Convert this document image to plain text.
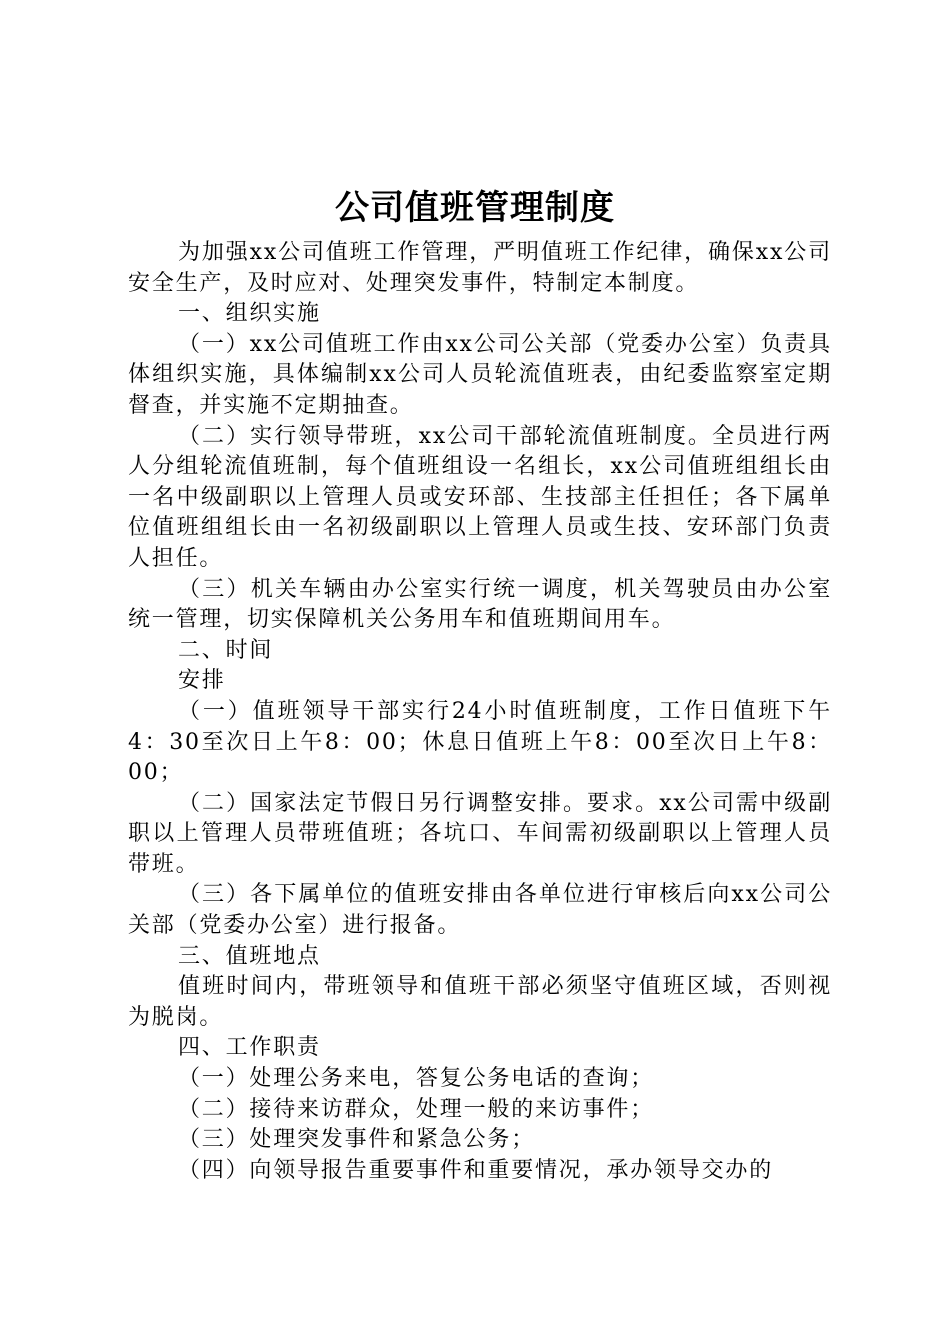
公司值班管理制度

为加强xx公司值班工作管理，严明值班工作纪律，确保xx公司安全生产，及时应对、处理突发事件，特制定本制度。

一、组织实施

（一）xx公司值班工作由xx公司公关部（党委办公室）负责具体组织实施，具体编制xx公司人员轮流值班表，由纪委监察室定期督查，并实施不定期抽查。

（二）实行领导带班，xx公司干部轮流值班制度。全员进行两人分组轮流值班制，每个值班组设一名组长，xx公司值班组组长由一名中级副职以上管理人员或安环部、生技部主任担任；各下属单位值班组组长由一名初级副职以上管理人员或生技、安环部门负责人担任。

（三）机关车辆由办公室实行统一调度，机关驾驶员由办公室统一管理，切实保障机关公务用车和值班期间用车。

二、时间

安排

（一）值班领导干部实行24小时值班制度，工作日值班下午4：30至次日上午8：00；休息日值班上午8：00至次日上午8：00；

（二）国家法定节假日另行调整安排。要求。xx公司需中级副职以上管理人员带班值班；各坑口、车间需初级副职以上管理人员带班。

（三）各下属单位的值班安排由各单位进行审核后向xx公司公关部（党委办公室）进行报备。

三、值班地点

值班时间内，带班领导和值班干部必须坚守值班区域，否则视为脱岗。

四、工作职责

（一）处理公务来电，答复公务电话的查询；

（二）接待来访群众，处理一般的来访事件；

（三）处理突发事件和紧急公务；

（四）向领导报告重要事件和重要情况，承办领导交办的
